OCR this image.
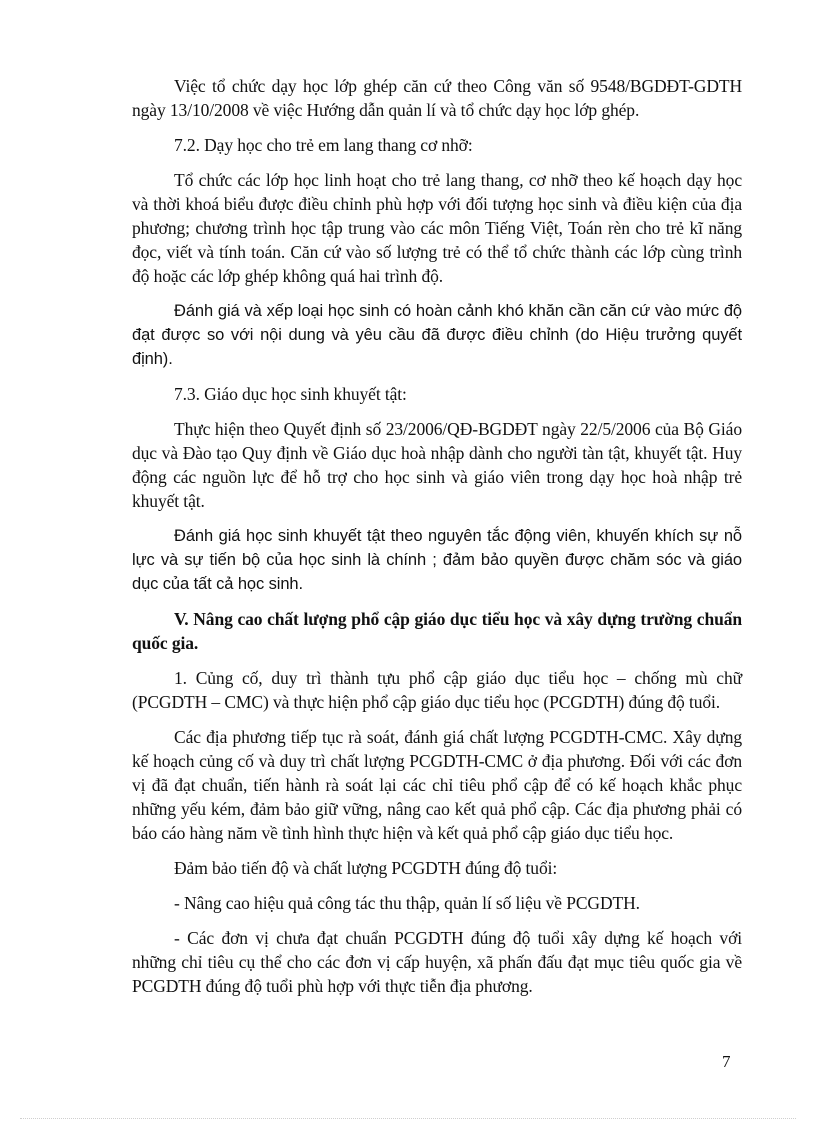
Việc tổ chức dạy học lớp ghép căn cứ theo Công văn số 9548/BGDĐT-GDTH ngày 13/10/2008 về việc Hướng dẫn quản lí và tổ chức dạy học lớp ghép.

7.2. Dạy học cho trẻ em lang thang cơ nhỡ:

Tổ chức các lớp học linh hoạt cho trẻ lang thang, cơ nhỡ theo kế hoạch dạy học và thời khoá biểu được điều chỉnh phù hợp với đối tượng học sinh và điều kiện của địa phương; chương trình học tập trung vào các môn Tiếng Việt, Toán rèn cho trẻ kĩ năng đọc, viết và tính toán. Căn cứ vào số lượng trẻ có thể tổ chức thành các lớp cùng trình độ hoặc các lớp ghép không quá hai trình độ.

Đánh giá và xếp loại học sinh có hoàn cảnh khó khăn cần căn cứ vào mức độ đạt được so với nội dung và yêu cầu đã được điều chỉnh (do Hiệu trưởng quyết định).

7.3. Giáo dục học sinh khuyết tật:

Thực hiện theo Quyết định số 23/2006/QĐ-BGDĐT ngày 22/5/2006 của Bộ Giáo dục và Đào tạo Quy định về Giáo dục hoà nhập dành cho người tàn tật, khuyết tật. Huy động các nguồn lực để hỗ trợ cho học sinh và giáo viên trong dạy học hoà nhập trẻ khuyết tật.

Đánh giá học sinh khuyết tật theo nguyên tắc động viên, khuyến khích sự nỗ lực và sự tiến bộ của học sinh là chính ; đảm bảo quyền được chăm sóc và giáo dục của tất cả học sinh.

V. Nâng cao chất lượng phổ cập giáo dục tiểu học và xây dựng trường chuẩn quốc gia.

1. Củng cố, duy trì thành tựu phổ cập giáo dục tiểu học – chống mù chữ (PCGDTH – CMC) và thực hiện phổ cập giáo dục tiểu học (PCGDTH) đúng độ tuổi.

Các địa phương tiếp tục rà soát, đánh giá chất lượng PCGDTH-CMC. Xây dựng kế hoạch củng cố và duy trì chất lượng PCGDTH-CMC ở địa phương. Đối với các đơn vị đã đạt chuẩn, tiến hành rà soát lại các chỉ tiêu phổ cập để có kế hoạch khắc phục những yếu kém, đảm bảo giữ vững, nâng cao kết quả phổ cập. Các địa phương phải có báo cáo hàng năm về tình hình thực hiện và kết quả phổ cập giáo dục tiểu học.

Đảm bảo tiến độ và chất lượng PCGDTH đúng độ tuổi:

- Nâng cao hiệu quả công tác thu thập, quản lí số liệu về PCGDTH.

- Các đơn vị chưa đạt chuẩn PCGDTH đúng độ tuổi xây dựng kế hoạch với những chỉ tiêu cụ thể cho các đơn vị cấp huyện, xã phấn đấu đạt mục tiêu quốc gia về PCGDTH đúng độ tuổi phù hợp với thực tiễn địa phương.

7
